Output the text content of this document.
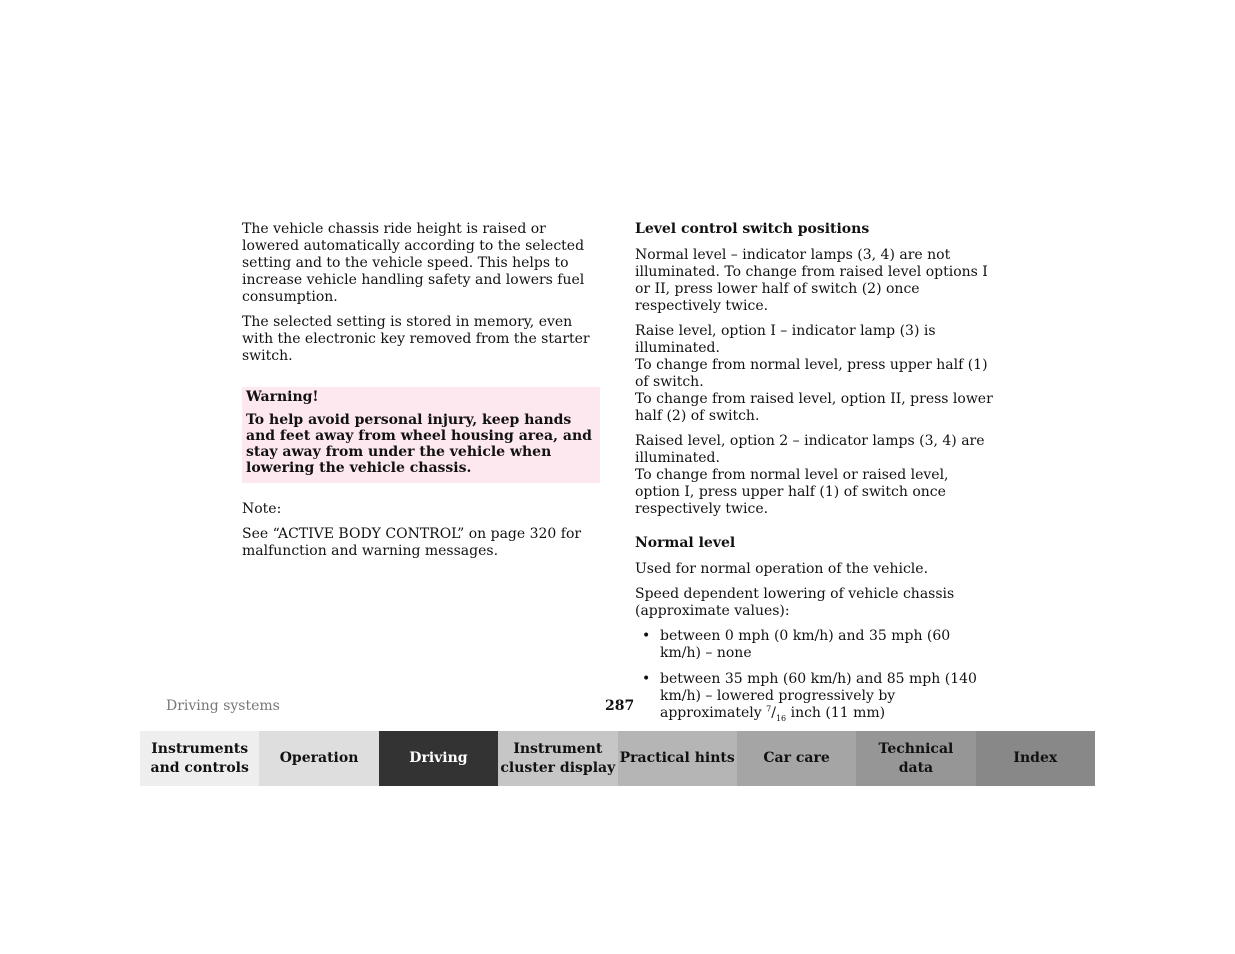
The vehicle chassis ride height is raised or lowered automatically according to the selected setting and to the vehicle speed. This helps to increase vehicle handling safety and lowers fuel consumption.

The selected setting is stored in memory, even with the electronic key removed from the starter switch.

Warning!

To help avoid personal injury, keep hands and feet away from wheel housing area, and stay away from under the vehicle when lowering the vehicle chassis.

Note:

See “ACTIVE BODY CONTROL” on page 320 for malfunction and warning messages.

Level control switch positions

Normal level – indicator lamps (3, 4) are not illuminated. To change from raised level options I or II, press lower half of switch (2) once respectively twice.

Raise level, option I – indicator lamp (3) is illuminated.
To change from normal level, press upper half (1) of switch.
To change from raised level, option II, press lower half (2) of switch.

Raised level, option 2 – indicator lamps (3, 4) are illuminated.
To change from normal level or raised level, option I, press upper half (1) of switch once respectively twice.

Normal level

Used for normal operation of the vehicle.

Speed dependent lowering of vehicle chassis (approximate values):

• between 0 mph (0 km/h) and 35 mph (60 km/h) – none
• between 35 mph (60 km/h) and 85 mph (140 km/h) – lowered progressively by approximately $^7/_{16}$ inch (11 mm)
Driving systems	287
Instruments
and controls
Operation	Driving
Instrument
cluster display
Practical hints	Car care
Technical
data
Index
